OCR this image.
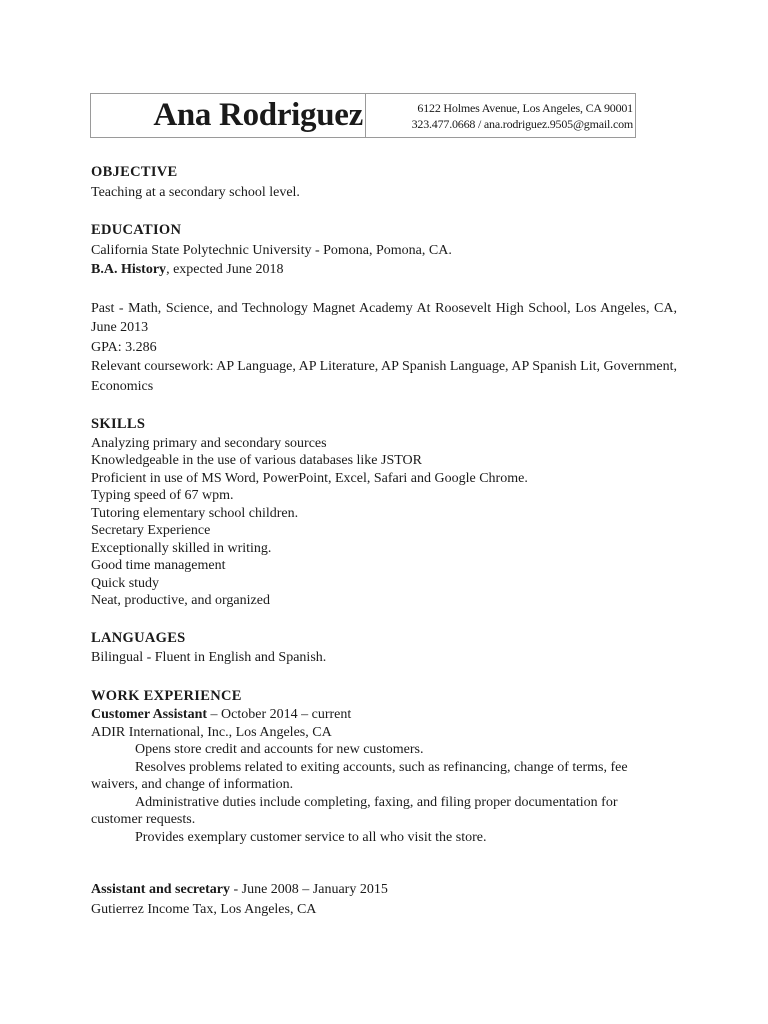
Ana Rodriguez	6122 Holmes Avenue, Los Angeles, CA 90001
323.477.0668 / ana.rodriguez.9505@gmail.com

OBJECTIVE

Teaching at a secondary school level.

EDUCATION

California State Polytechnic University - Pomona, Pomona, CA.

B.A. History, expected June 2018

Past - Math, Science, and Technology Magnet Academy At Roosevelt High School, Los Angeles, CA, June 2013

GPA: 3.286

Relevant coursework: AP Language, AP Literature, AP Spanish Language, AP Spanish Lit, Government, Economics

SKILLS

Analyzing primary and secondary sources

Knowledgeable in the use of various databases like JSTOR

Proficient in use of MS Word, PowerPoint, Excel, Safari and Google Chrome.

Typing speed of 67 wpm.

Tutoring elementary school children.

Secretary Experience

Exceptionally skilled in writing.

Good time management

Quick study

Neat, productive, and organized

LANGUAGES

Bilingual - Fluent in English and Spanish.

WORK EXPERIENCE

Customer Assistant – October 2014 – current

ADIR International, Inc., Los Angeles, CA

Opens store credit and accounts for new customers.

Resolves problems related to exiting accounts, such as refinancing, change of terms, fee

waivers, and change of information.

Administrative duties include completing, faxing, and filing proper documentation for

customer requests.

Provides exemplary customer service to all who visit the store.

Assistant and secretary - June 2008 – January 2015

Gutierrez Income Tax, Los Angeles, CA
